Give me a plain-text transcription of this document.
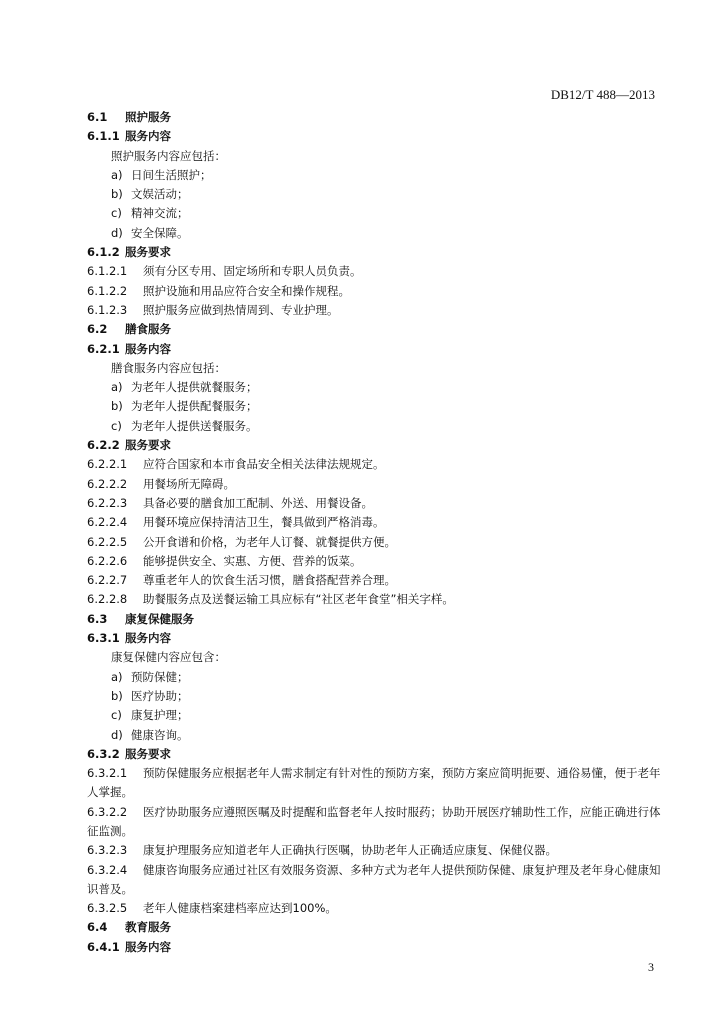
DB12/T 488—2013
6.1 照护服务
6.1.1 服务内容
照护服务内容应包括：
a) 日间生活照护；
b) 文娱活动；
c) 精神交流；
d) 安全保障。
6.1.2 服务要求
6.1.2.1 须有分区专用、固定场所和专职人员负责。
6.1.2.2 照护设施和用品应符合安全和操作规程。
6.1.2.3 照护服务应做到热情周到、专业护理。
6.2 膳食服务
6.2.1 服务内容
膳食服务内容应包括：
a) 为老年人提供就餐服务；
b) 为老年人提供配餐服务；
c) 为老年人提供送餐服务。
6.2.2 服务要求
6.2.2.1 应符合国家和本市食品安全相关法律法规规定。
6.2.2.2 用餐场所无障碍。
6.2.2.3 具备必要的膳食加工配制、外送、用餐设备。
6.2.2.4 用餐环境应保持清洁卫生，餐具做到严格消毒。
6.2.2.5 公开食谱和价格，为老年人订餐、就餐提供方便。
6.2.2.6 能够提供安全、实惠、方便、营养的饭菜。
6.2.2.7 尊重老年人的饮食生活习惯，膳食搭配营养合理。
6.2.2.8 助餐服务点及送餐运输工具应标有“社区老年食堂”相关字样。
6.3 康复保健服务
6.3.1 服务内容
康复保健内容应包含：
a) 预防保健；
b) 医疗协助；
c) 康复护理；
d) 健康咨询。
6.3.2 服务要求
6.3.2.1 预防保健服务应根据老年人需求制定有针对性的预防方案，预防方案应简明扼要、通俗易懂，便于老年人掌握。
6.3.2.2 医疗协助服务应遵照医嘱及时提醒和监督老年人按时服药；协助开展医疗辅助性工作，应能正确进行体征监测。
6.3.2.3 康复护理服务应知道老年人正确执行医嘱，协助老年人正确适应康复、保健仪器。
6.3.2.4 健康咨询服务应通过社区有效服务资源、多种方式为老年人提供预防保健、康复护理及老年身心健康知识普及。
6.3.2.5 老年人健康档案建档率应达到100%。
6.4 教育服务
6.4.1 服务内容
3
